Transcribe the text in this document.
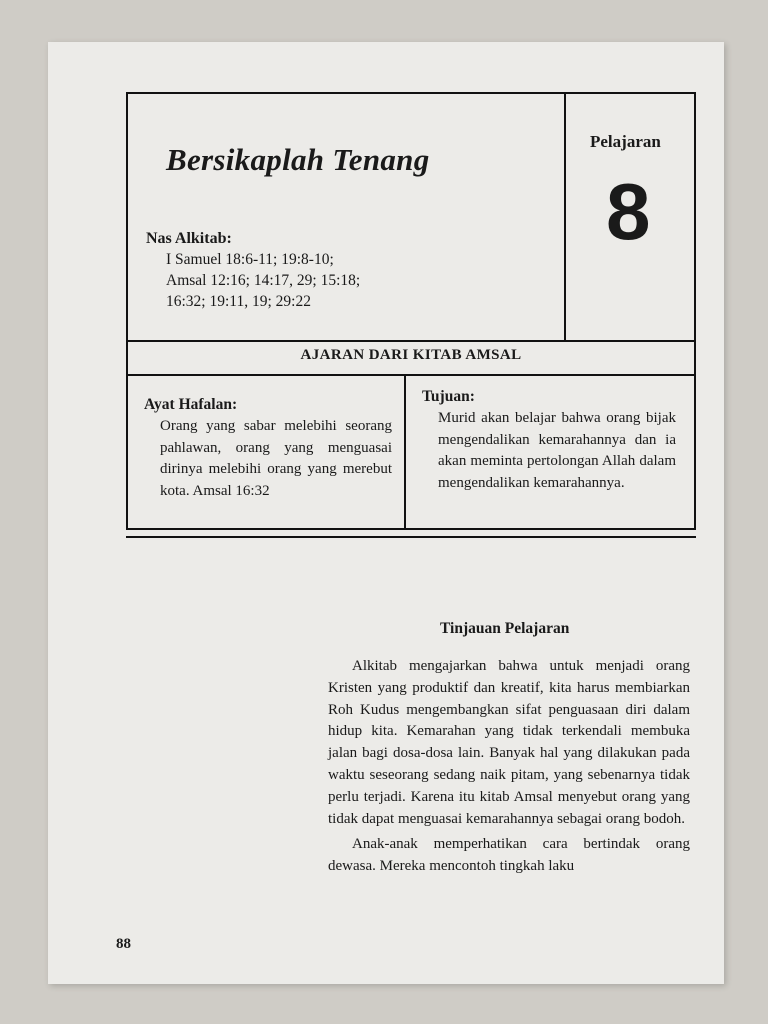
Bersikaplah Tenang
Nas Alkitab:
I Samuel 18:6-11; 19:8-10;
Amsal 12:16; 14:17, 29; 15:18;
16:32; 19:11, 19; 29:22
Pelajaran
8
AJARAN DARI KITAB AMSAL
Ayat Hafalan:
Orang yang sabar melebihi seorang pahlawan, orang yang menguasai dirinya melebihi orang yang merebut kota. Amsal 16:32
Tujuan:
Murid akan belajar bahwa orang bijak mengendalikan kemarahannya dan ia akan meminta pertolongan Allah dalam mengendalikan kemarahannya.
Tinjauan Pelajaran

Alkitab mengajarkan bahwa untuk menjadi orang Kristen yang produktif dan kreatif, kita harus membiarkan Roh Kudus mengembangkan sifat penguasaan diri dalam hidup kita. Kemarahan yang tidak terkendali membuka jalan bagi dosa-dosa lain. Banyak hal yang dilakukan pada waktu seseorang sedang naik pitam, yang sebenarnya tidak perlu terjadi. Karena itu kitab Amsal menyebut orang yang tidak dapat menguasai kemarahannya sebagai orang bodoh.

Anak-anak memperhatikan cara bertindak orang dewasa. Mereka mencontoh tingkah laku

88
